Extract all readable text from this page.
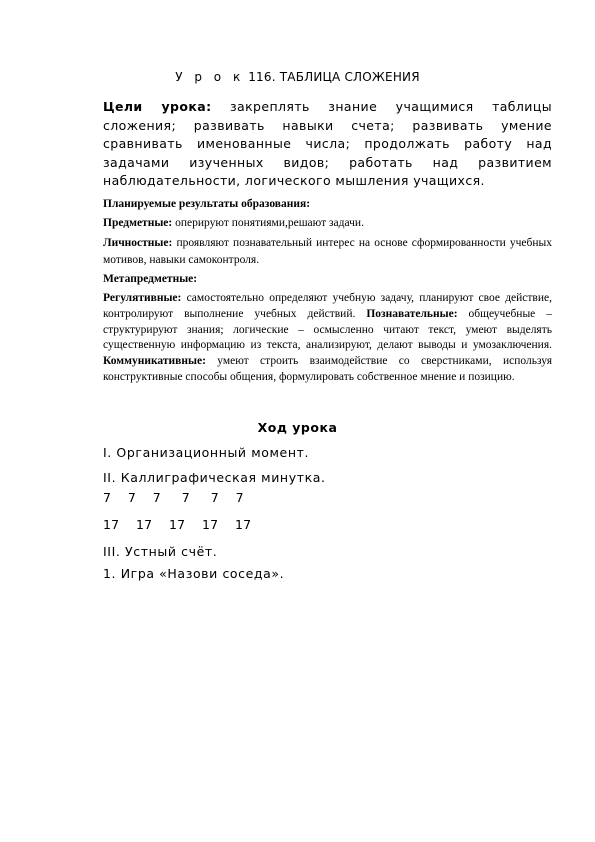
У р о к 116. ТАБЛИЦА СЛОЖЕНИЯ
Цели урока: закреплять знание учащимися таблицы сложения; развивать навыки счета; развивать умение сравнивать именованные числа; продолжать работу над задачами изученных видов; работать над развитием наблюдательности, логического мышления учащихся.
Планируемые результаты образования:
Предметные: оперируют понятиями,решают задачи.
Личностные: проявляют познавательный интерес на основе сформированности учебных мотивов, навыки самоконтроля.
Метапредметные:
Регулятивные: самостоятельно определяют учебную задачу, планируют свое действие, контролируют выполнение учебных действий. Познавательные: общеучебные – структурируют знания; логические – осмысленно читают текст, умеют выделять существенную информацию из текста, анализируют, делают выводы и умозаключения. Коммуникативные: умеют строить взаимодействие со сверстниками, используя конструктивные способы общения, формулировать собственное мнение и позицию.
Ход урока
I. Организационный момент.
II. Каллиграфическая минутка.
7    7    7     7     7    7
17    17    17    17    17
III. Устный счёт.
1. Игра «Назови соседа».
